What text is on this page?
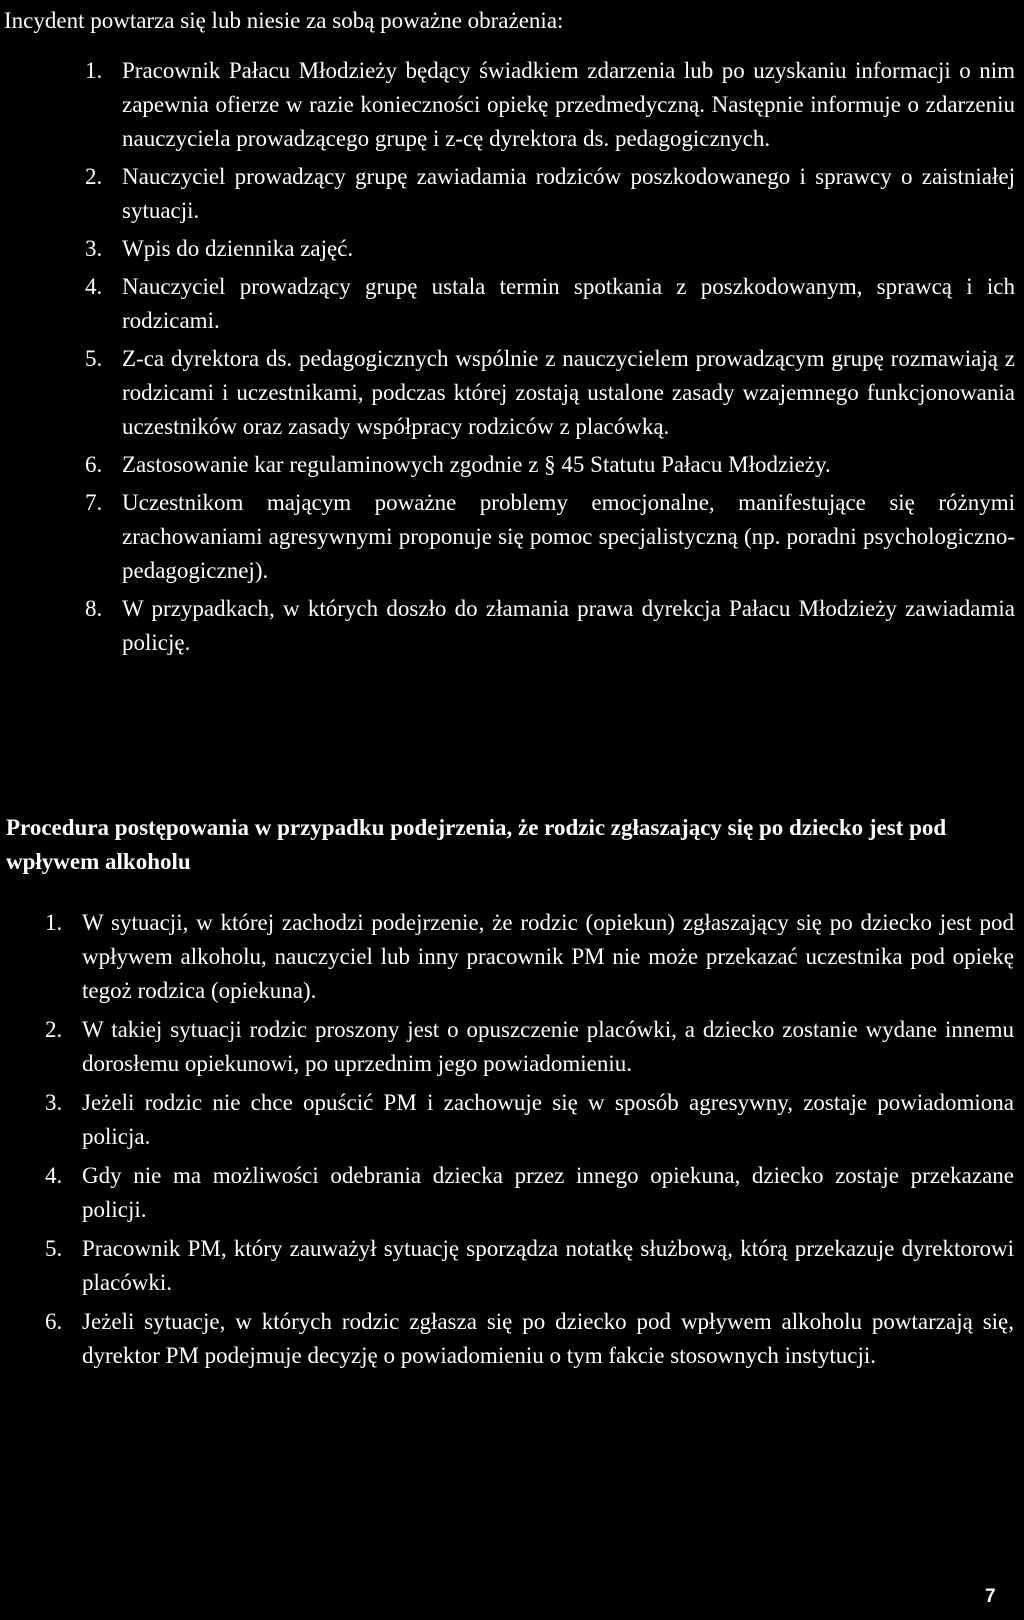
Incydent powtarza się lub niesie za sobą poważne obrażenia:

1. Pracownik Pałacu Młodzieży będący świadkiem zdarzenia lub po uzyskaniu informacji o nim zapewnia ofierze w razie konieczności opiekę przedmedyczną. Następnie informuje o zdarzeniu nauczyciela prowadzącego grupę i z-cę dyrektora ds. pedagogicznych.
2. Nauczyciel prowadzący grupę zawiadamia rodziców poszkodowanego i sprawcy o zaistniałej sytuacji.
3. Wpis do dziennika zajęć.
4. Nauczyciel prowadzący grupę ustala termin spotkania z poszkodowanym, sprawcą i ich rodzicami.
5. Z-ca dyrektora ds. pedagogicznych wspólnie z nauczycielem prowadzącym grupę rozmawiają z rodzicami i uczestnikami, podczas której zostają ustalone zasady wzajemnego funkcjonowania uczestników oraz zasady współpracy rodziców z placówką.
6. Zastosowanie kar regulaminowych zgodnie z § 45 Statutu Pałacu Młodzieży.
7. Uczestnikom mającym poważne problemy emocjonalne, manifestujące się różnymi zrachowaniami agresywnymi proponuje się pomoc specjalistyczną (np. poradni psychologiczno-pedagogicznej).
8. W przypadkach, w których doszło do złamania prawa dyrekcja Pałacu Młodzieży zawiadamia policję.
Procedura postępowania w przypadku podejrzenia, że rodzic zgłaszający się po dziecko jest pod wpływem alkoholu
1. W sytuacji, w której zachodzi podejrzenie, że rodzic (opiekun) zgłaszający się po dziecko jest pod wpływem alkoholu, nauczyciel lub inny pracownik PM nie może przekazać uczestnika pod opiekę tegoż rodzica (opiekuna).
2. W takiej sytuacji rodzic proszony jest o opuszczenie placówki, a dziecko zostanie wydane innemu dorosłemu opiekunowi, po uprzednim jego powiadomieniu.
3. Jeżeli rodzic nie chce opuścić PM i zachowuje się w sposób agresywny, zostaje powiadomiona policja.
4. Gdy nie ma możliwości odebrania dziecka przez innego opiekuna, dziecko zostaje przekazane policji.
5. Pracownik PM, który zauważył sytuację sporządza notatkę służbową, którą przekazuje dyrektorowi placówki.
6. Jeżeli sytuacje, w których rodzic zgłasza się po dziecko pod wpływem alkoholu powtarzają się, dyrektor PM podejmuje decyzję o powiadomieniu o tym fakcie stosownych instytucji.
7
